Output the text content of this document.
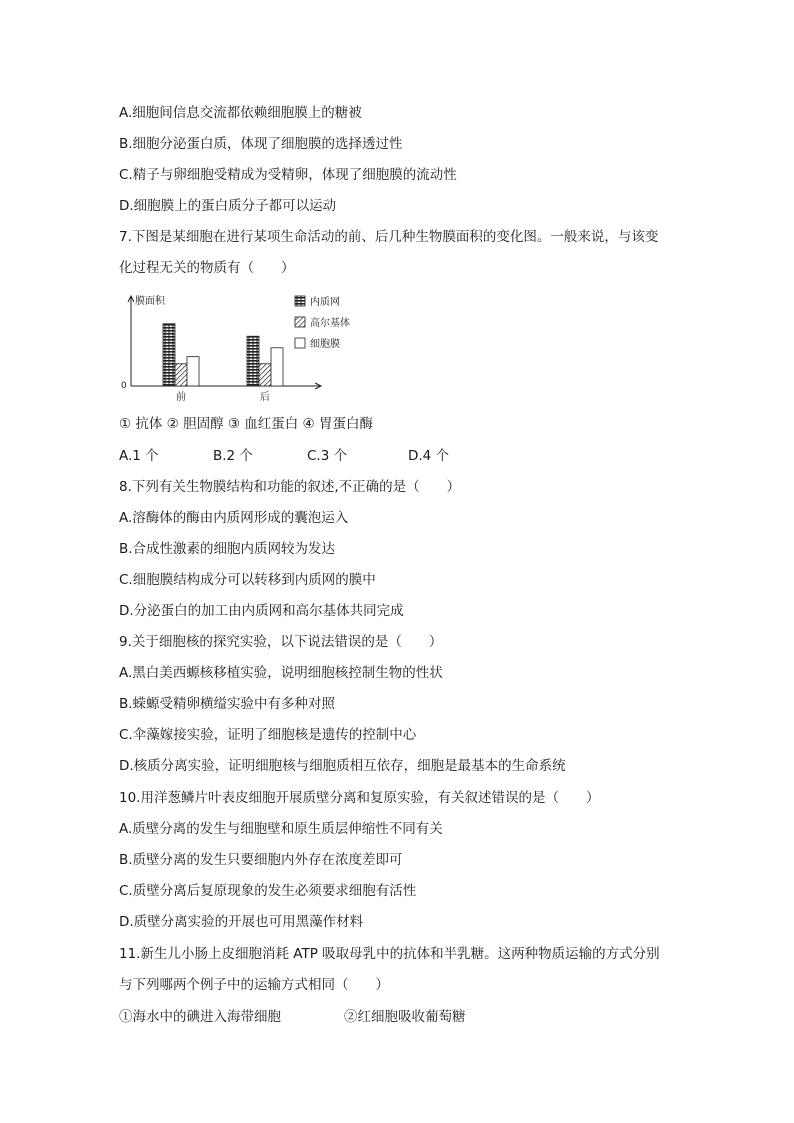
A.细胞间信息交流都依赖细胞膜上的糖被
B.细胞分泌蛋白质，体现了细胞膜的选择透过性
C.精子与卵细胞受精成为受精卵，体现了细胞膜的流动性
D.细胞膜上的蛋白质分子都可以运动
7.下图是某细胞在进行某项生命活动的前、后几种生物膜面积的变化图。一般来说，与该变
化过程无关的物质有（　　）
膜面积
0
前	后
内质网
高尔基体
细胞膜
① 抗体 ② 胆固醇 ③ 血红蛋白 ④ 胃蛋白酶
A.1 个	B.2 个	C.3 个	D.4 个
8.下列有关生物膜结构和功能的叙述,不正确的是（　　）
A.溶酶体的酶由内质网形成的囊泡运入
B.合成性激素的细胞内质网较为发达
C.细胞膜结构成分可以转移到内质网的膜中
D.分泌蛋白的加工由内质网和高尔基体共同完成
9.关于细胞核的探究实验，以下说法错误的是（　　）
A.黑白美西螈核移植实验，说明细胞核控制生物的性状
B.蝾螈受精卵横缢实验中有多种对照
C.伞藻嫁接实验，证明了细胞核是遗传的控制中心
D.核质分离实验，证明细胞核与细胞质相互依存，细胞是最基本的生命系统
10.用洋葱鳞片叶表皮细胞开展质壁分离和复原实验，有关叙述错误的是（　　）
A.质壁分离的发生与细胞壁和原生质层伸缩性不同有关
B.质壁分离的发生只要细胞内外存在浓度差即可
C.质壁分离后复原现象的发生必须要求细胞有活性
D.质壁分离实验的开展也可用黑藻作材料
11.新生儿小肠上皮细胞消耗 ATP 吸取母乳中的抗体和半乳糖。这两种物质运输的方式分别
与下列哪两个例子中的运输方式相同（　　）
①海水中的碘进入海带细胞	②红细胞吸收葡萄糖
